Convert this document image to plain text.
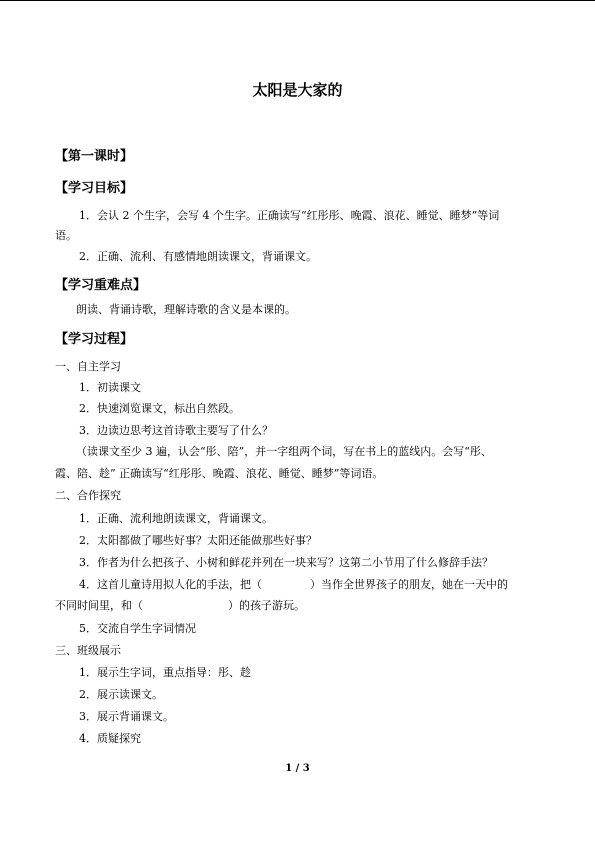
太阳是大家的
【第一课时】
【学习目标】
1．会认 2 个生字，会写 4 个生字。正确读写“红彤彤、晚霞、浪花、睡觉、睡梦”等词
语。
2．正确、流利、有感情地朗读课文，背诵课文。
【学习重难点】
朗读、背诵诗歌，理解诗歌的含义是本课的。
【学习过程】
一、自主学习
1．初读课文
2．快速浏览课文，标出自然段。
3．边读边思考这首诗歌主要写了什么？
（读课文至少 3 遍，认会“彤、陪”，并一字组两个词，写在书上的蓝线内。会写“彤、
霞、陪、趁” 正确读写“红彤彤、晚霞、浪花、睡觉、睡梦”等词语。
二、合作探究
1．正确、流利地朗读课文，背诵课文。
2．太阳都做了哪些好事？太阳还能做那些好事？
3．作者为什么把孩子、小树和鲜花并列在一块来写？这第二小节用了什么修辞手法？
4．这首儿童诗用拟人化的手法，把（	）当作全世界孩子的朋友，她在一天中的
不同时间里，和（	）的孩子游玩。
5．交流自学生字词情况
三、班级展示
1．展示生字词，重点指导：彤、趁
2．展示读课文。
3．展示背诵课文。
4．质疑探究
1 / 3
